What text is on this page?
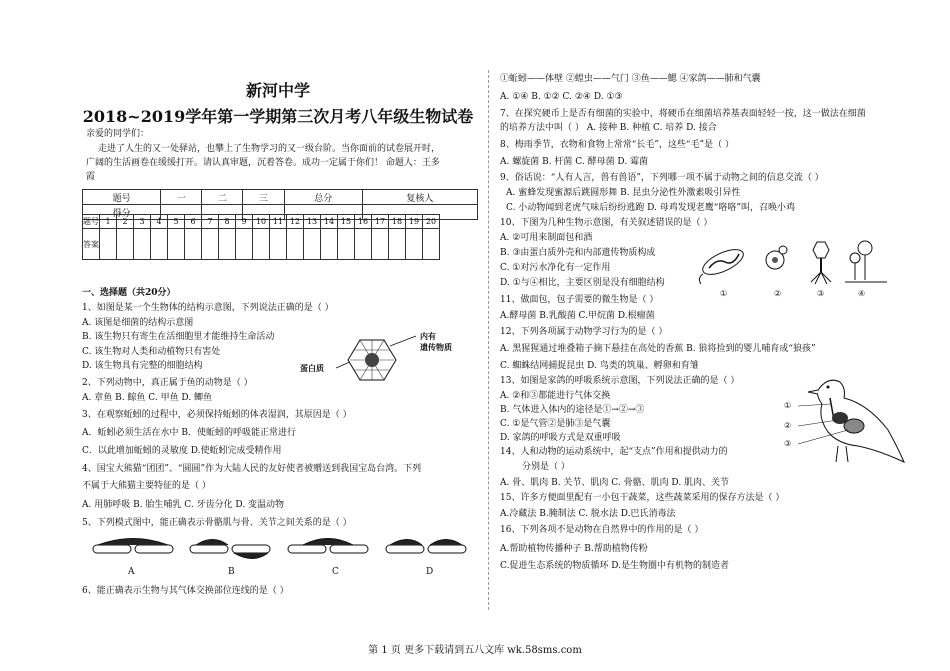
新河中学
2018~2019学年第一学期第三次月考八年级生物试卷
亲爱的同学们：
走进了人生的又一处驿站，也攀上了生物学习的又一级台阶。当你面前的试卷展开时，
广阔的生活画卷在缓缓打开。请认真审题，沉着答卷。成功一定属于你们！ 命题人：王多
霞
题号	一	二	三	总分	复核人
得分					
题号	1	2	3	4	5	6	7	8	9	10	11	12	13	14	15	16	17	18	19	20
答案																				
一、选择题（共20分）
1、如图是某一个生物体的结构示意图，下列说法正确的是（ ）
A. 该图是细菌的结构示意图
B. 该生物只有寄生在活细胞里才能维持生命活动
C. 该生物对人类和动植物只有害处
D. 该生物具有完整的细胞结构
内有
遗传物质
蛋白质
2、下列动物中，真正属于鱼的动物是（ ）
A. 章鱼 B. 鲸鱼 C. 甲鱼 D. 鲫鱼
3、在观察蚯蚓的过程中，必须保持蚯蚓的体表湿润，其原因是（ ）
A．蚯蚓必须生活在水中 B．使蚯蚓的呼吸能正常进行
C．以此增加蚯蚓的灵敏度 D.使蚯蚓完成受精作用
4、国宝大熊猫“团团”、“圆圆”作为大陆人民的友好使者被赠送到我国宝岛台湾。下列
不属于大熊猫主要特征的是（ ）
A. 用肺呼吸 B. 胎生哺乳 C. 牙齿分化 D. 变温动物
5、下列模式图中，能正确表示骨骼肌与骨、关节之间关系的是（ ）
A	B	C	D
6、能正确表示生物与其气体交换部位连线的是（ ）
①蚯蚓——体壁 ②蝗虫——气门 ③鱼——鳃 ④家鸽——肺和气囊
A. ①④ B. ①② C. ②④ D. ①③
7、在探究硬币上是否有细菌的实验中，将硬币在细菌培养基表面轻轻一按，这一做法在细菌
的培养方法中叫（ ） A. 接种 B. 种植 C. 培养 D. 接合
8、梅雨季节，衣物和食物上常常“长毛”，这些“毛”是（ ）
A. 螺旋菌 B. 杆菌 C. 酵母菌 D. 霉菌
9、俗话说：“人有人言，兽有兽语”，下列哪一项不属于动物之间的信息交流（ ）
A. 蜜蜂发现蜜源后跳圆形舞 B. 昆虫分泌性外激素吸引异性
C. 小动物闻到老虎气味后纷纷逃跑 D. 母鸡发现老鹰“咯咯”叫，召唤小鸡
10、下图为几种生物示意图，有关叙述错误的是（ ）
A. ②可用来制面包和酒
B. ③由蛋白质外壳和内部遗传物质构成
C. ①对污水净化有一定作用
D. ①与④相比，主要区别是没有细胞结构
①	②	③	④
11、做面包，包子需要的微生物是（ ）
A.酵母菌 B.乳酸菌 C.甲烷菌 D.根瘤菌
12、下列各项属于动物学习行为的是（ ）
A. 黑猩猩通过堆叠箱子摘下悬挂在高处的香蕉 B. 狼将捡到的婴儿哺育成“狼孩”
C. 蜘蛛结网捕捉昆虫 D. 鸟类的筑巢、孵卵和育雏
13、如图是家鸽的呼吸系统示意图，下列说法正确的是（ ）
A. ②和③都能进行气体交换
B. 气体进入体内的途径是①→②→③
C. ①是气管②是肺③是气囊
D. 家鸽的呼吸方式是双重呼吸
14、人和动物的运动系统中，起“支点”作用和提供动力的
分别是（ ）
①
②
③
A. 骨、肌肉 B. 关节、肌肉 C. 骨骼、肌肉 D. 肌肉、关节
15、许多方便面里配有一小包干蔬菜，这些蔬菜采用的保存方法是（ ）
A.冷藏法 B.腌制法 C. 脱水法 D.巴氏消毒法
16、下列各项不是动物在自然界中的作用的是（ ）
A.帮助植物传播种子 B.帮助植物传粉
C.促进生态系统的物质循环 D.是生物圈中有机物的制造者
第 1 页 更多下载请到五八文库 wk.58sms.com
